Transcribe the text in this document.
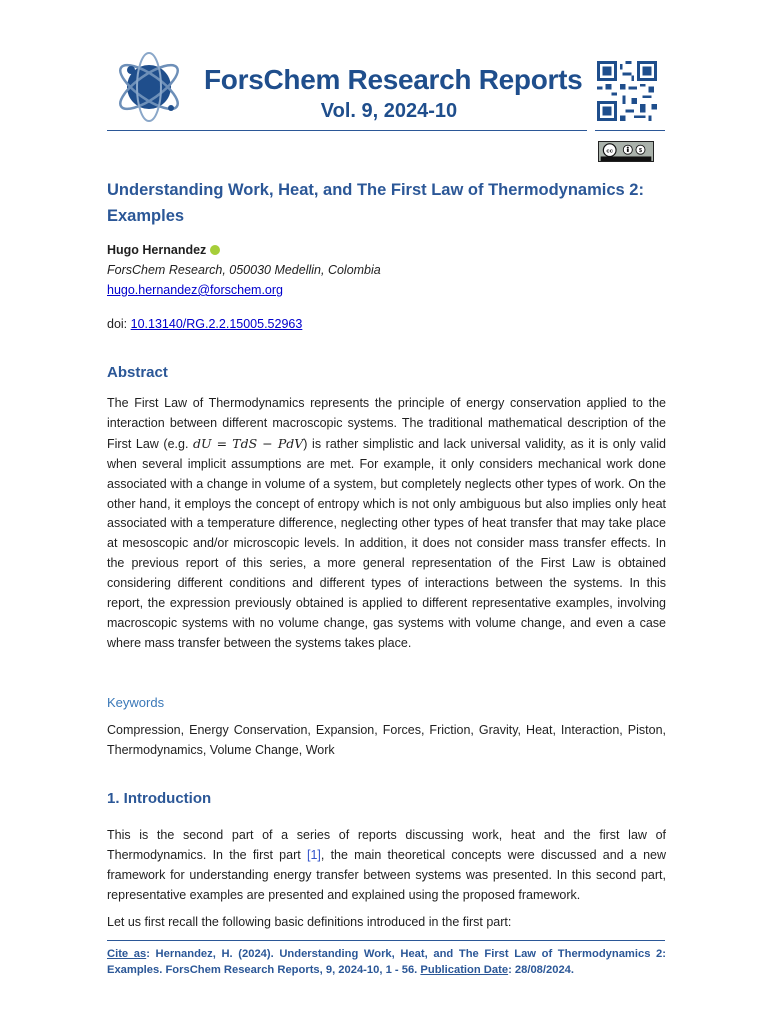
ForsChem Research Reports
Vol. 9, 2024-10
cc	$
Understanding Work, Heat, and The First Law of Thermodynamics 2: Examples
Hugo Hernandez
ForsChem Research, 050030 Medellin, Colombia
hugo.hernandez@forschem.org
doi: 10.13140/RG.2.2.15005.52963
Abstract
The First Law of Thermodynamics represents the principle of energy conservation applied to the interaction between different macroscopic systems. The traditional mathematical description of the First Law (e.g. dU = TdS − PdV) is rather simplistic and lack universal validity, as it is only valid when several implicit assumptions are met. For example, it only considers mechanical work done associated with a change in volume of a system, but completely neglects other types of work. On the other hand, it employs the concept of entropy which is not only ambiguous but also implies only heat associated with a temperature difference, neglecting other types of heat transfer that may take place at mesoscopic and/or microscopic levels. In addition, it does not consider mass transfer effects. In the previous report of this series, a more general representation of the First Law is obtained considering different conditions and different types of interactions between the systems. In this report, the expression previously obtained is applied to different representative examples, involving macroscopic systems with no volume change, gas systems with volume change, and even a case where mass transfer between the systems takes place.
Keywords
Compression, Energy Conservation, Expansion, Forces, Friction, Gravity, Heat, Interaction, Piston, Thermodynamics, Volume Change, Work
1. Introduction
This is the second part of a series of reports discussing work, heat and the first law of Thermodynamics. In the first part [1], the main theoretical concepts were discussed and a new framework for understanding energy transfer between systems was presented. In this second part, representative examples are presented and explained using the proposed framework.
Let us first recall the following basic definitions introduced in the first part:
Cite as: Hernandez, H. (2024). Understanding Work, Heat, and The First Law of Thermodynamics 2: Examples. ForsChem Research Reports, 9, 2024-10, 1 - 56. Publication Date: 28/08/2024.
